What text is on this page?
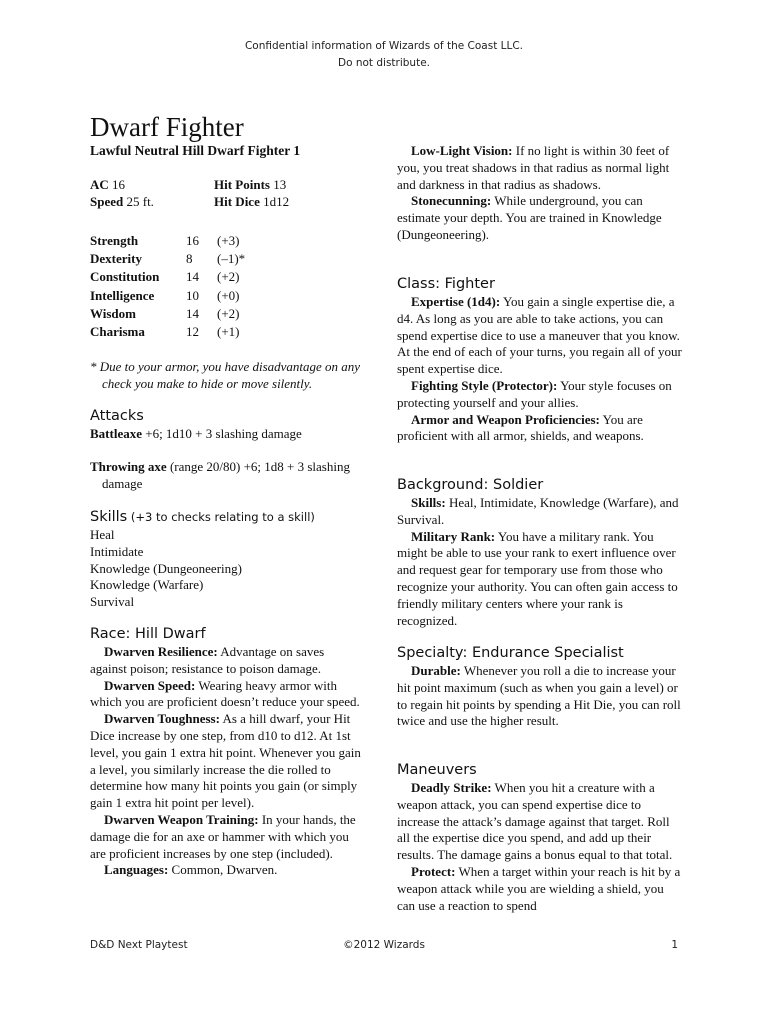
Confidential information of Wizards of the Coast LLC.
Do not distribute.
Dwarf Fighter
Lawful Neutral Hill Dwarf Fighter 1
AC 16	Hit Points 13
Speed 25 ft.	Hit Dice 1d12
Strength	16	(+3)
Dexterity	8	(–1)*
Constitution	14	(+2)
Intelligence	10	(+0)
Wisdom	14	(+2)
Charisma	12	(+1)
* Due to your armor, you have disadvantage on any check you make to hide or move silently.
Attacks
Battleaxe +6; 1d10 + 3 slashing damage
Throwing axe (range 20/80) +6; 1d8 + 3 slashing damage
Skills (+3 to checks relating to a skill)
Heal
Intimidate
Knowledge (Dungeoneering)
Knowledge (Warfare)
Survival
Race: Hill Dwarf
Dwarven Resilience: Advantage on saves against poison; resistance to poison damage.
Dwarven Speed: Wearing heavy armor with which you are proficient doesn’t reduce your speed.
Dwarven Toughness: As a hill dwarf, your Hit Dice increase by one step, from d10 to d12. At 1st level, you gain 1 extra hit point. Whenever you gain a level, you similarly increase the die rolled to determine how many hit points you gain (or simply gain 1 extra hit point per level).
Dwarven Weapon Training: In your hands, the damage die for an axe or hammer with which you are proficient increases by one step (included).
Languages: Common, Dwarven.
Low-Light Vision: If no light is within 30 feet of you, you treat shadows in that radius as normal light and darkness in that radius as shadows.
Stonecunning: While underground, you can estimate your depth. You are trained in Knowledge (Dungeoneering).
Class: Fighter
Expertise (1d4): You gain a single expertise die, a d4. As long as you are able to take actions, you can spend expertise dice to use a maneuver that you know. At the end of each of your turns, you regain all of your spent expertise dice.
Fighting Style (Protector): Your style focuses on protecting yourself and your allies.
Armor and Weapon Proficiencies: You are proficient with all armor, shields, and weapons.
Background: Soldier
Skills: Heal, Intimidate, Knowledge (Warfare), and Survival.
Military Rank: You have a military rank. You might be able to use your rank to exert influence over and request gear for temporary use from those who recognize your authority. You can often gain access to friendly military centers where your rank is recognized.
Specialty: Endurance Specialist
Durable: Whenever you roll a die to increase your hit point maximum (such as when you gain a level) or to regain hit points by spending a Hit Die, you can roll twice and use the higher result.
Maneuvers
Deadly Strike: When you hit a creature with a weapon attack, you can spend expertise dice to increase the attack’s damage against that target. Roll all the expertise dice you spend, and add up their results. The damage gains a bonus equal to that total.
Protect: When a target within your reach is hit by a weapon attack while you are wielding a shield, you can use a reaction to spend
D&D Next Playtest	©2012 Wizards	1
